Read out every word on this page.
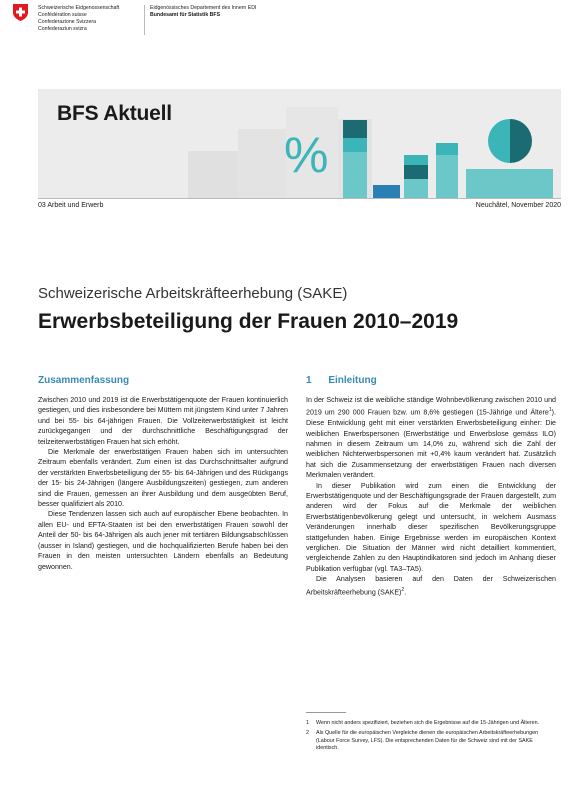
Schweizerische Eidgenossenschaft
Confédération suisse
Confederazione Svizzera
Confederaziun svizra
Eidgenössisches Departement des Innern EDI
Bundesamt für Statistik BFS
BFS Aktuell
%
03 Arbeit und Erwerb	Neuchâtel, November 2020
Schweizerische Arbeitskräfteerhebung (SAKE)
Erwerbsbeteiligung der Frauen 2010–2019
Zusammenfassung

Zwischen 2010 und 2019 ist die Erwerbstätigenquote der Frauen kontinuierlich gestiegen, und dies insbesondere bei Müttern mit jüngstem Kind unter 7 Jahren und bei 55- bis 64-jährigen Frauen. Die Vollzeiterwerbstätigkeit ist leicht zurückgegangen und der durchschnittliche Beschäftigungsgrad der teilzeiterwerbstätigen Frauen hat sich erhöht.

Die Merkmale der erwerbstätigen Frauen haben sich im untersuchten Zeitraum ebenfalls verändert. Zum einen ist das Durchschnittsalter aufgrund der verstärkten Erwerbsbeteiligung der 55- bis 64-Jährigen und des Rückgangs der 15- bis 24-Jährigen (längere Ausbildungszeiten) gestiegen, zum anderen sind die Frauen, gemessen an ihrer Ausbildung und dem ausgeübten Beruf, besser qualifiziert als 2010.

Diese Tendenzen lassen sich auch auf europäischer Ebene beobachten. In allen EU- und EFTA-Staaten ist bei den erwerbstätigen Frauen sowohl der Anteil der 50- bis 64-Jährigen als auch jener mit tertiären Bildungsabschlüssen (ausser in Island) gestiegen, und die hochqualifizierten Berufe haben bei den Frauen in den meisten untersuchten Ländern ebenfalls an Bedeutung gewonnen.

1 Einleitung

In der Schweiz ist die weibliche ständige Wohnbevölkerung zwischen 2010 und 2019 um 290 000 Frauen bzw. um 8,6% gestiegen (15-Jährige und Ältere$^1$). Diese Entwicklung geht mit einer verstärkten Erwerbsbeteiligung einher: Die weiblichen Erwerbspersonen (Erwerbstätige und Erwerbslose gemäss ILO) nahmen in diesem Zeitraum um 14,0% zu, während sich die Zahl der weiblichen Nichterwerbspersonen mit +0,4% kaum verändert hat. Zusätzlich hat sich die Zusammensetzung der erwerbstätigen Frauen nach diversen Merkmalen verändert.

In dieser Publikation wird zum einen die Entwicklung der Erwerbstätigenquote und der Beschäftigungsgrade der Frauen dargestellt, zum anderen wird der Fokus auf die Merkmale der weiblichen Erwerbstätigenbevölkerung gelegt und untersucht, in welchem Ausmass Veränderungen innerhalb dieser spezifischen Bevölkerungsgruppe stattgefunden haben. Einige Ergebnisse werden im europäischen Kontext verglichen. Die Situation der Männer wird nicht detailliert kommentiert, vergleichende Zahlen zu den Hauptindikatoren sind jedoch im Anhang dieser Publikation verfügbar (vgl. TA3–TA5).

Die Analysen basieren auf den Daten der Schweizerischen Arbeitskräfteerhebung (SAKE)$^2$.

1	Wenn nicht anders spezifiziert, beziehen sich die Ergebnisse auf die 15-Jährigen und Älteren.
2	Als Quelle für die europäischen Vergleiche dienen die europäischen Arbeitskräfteerhebungen (Labour Force Survey, LFS). Die entsprechenden Daten für die Schweiz sind mit der SAKE identisch.
